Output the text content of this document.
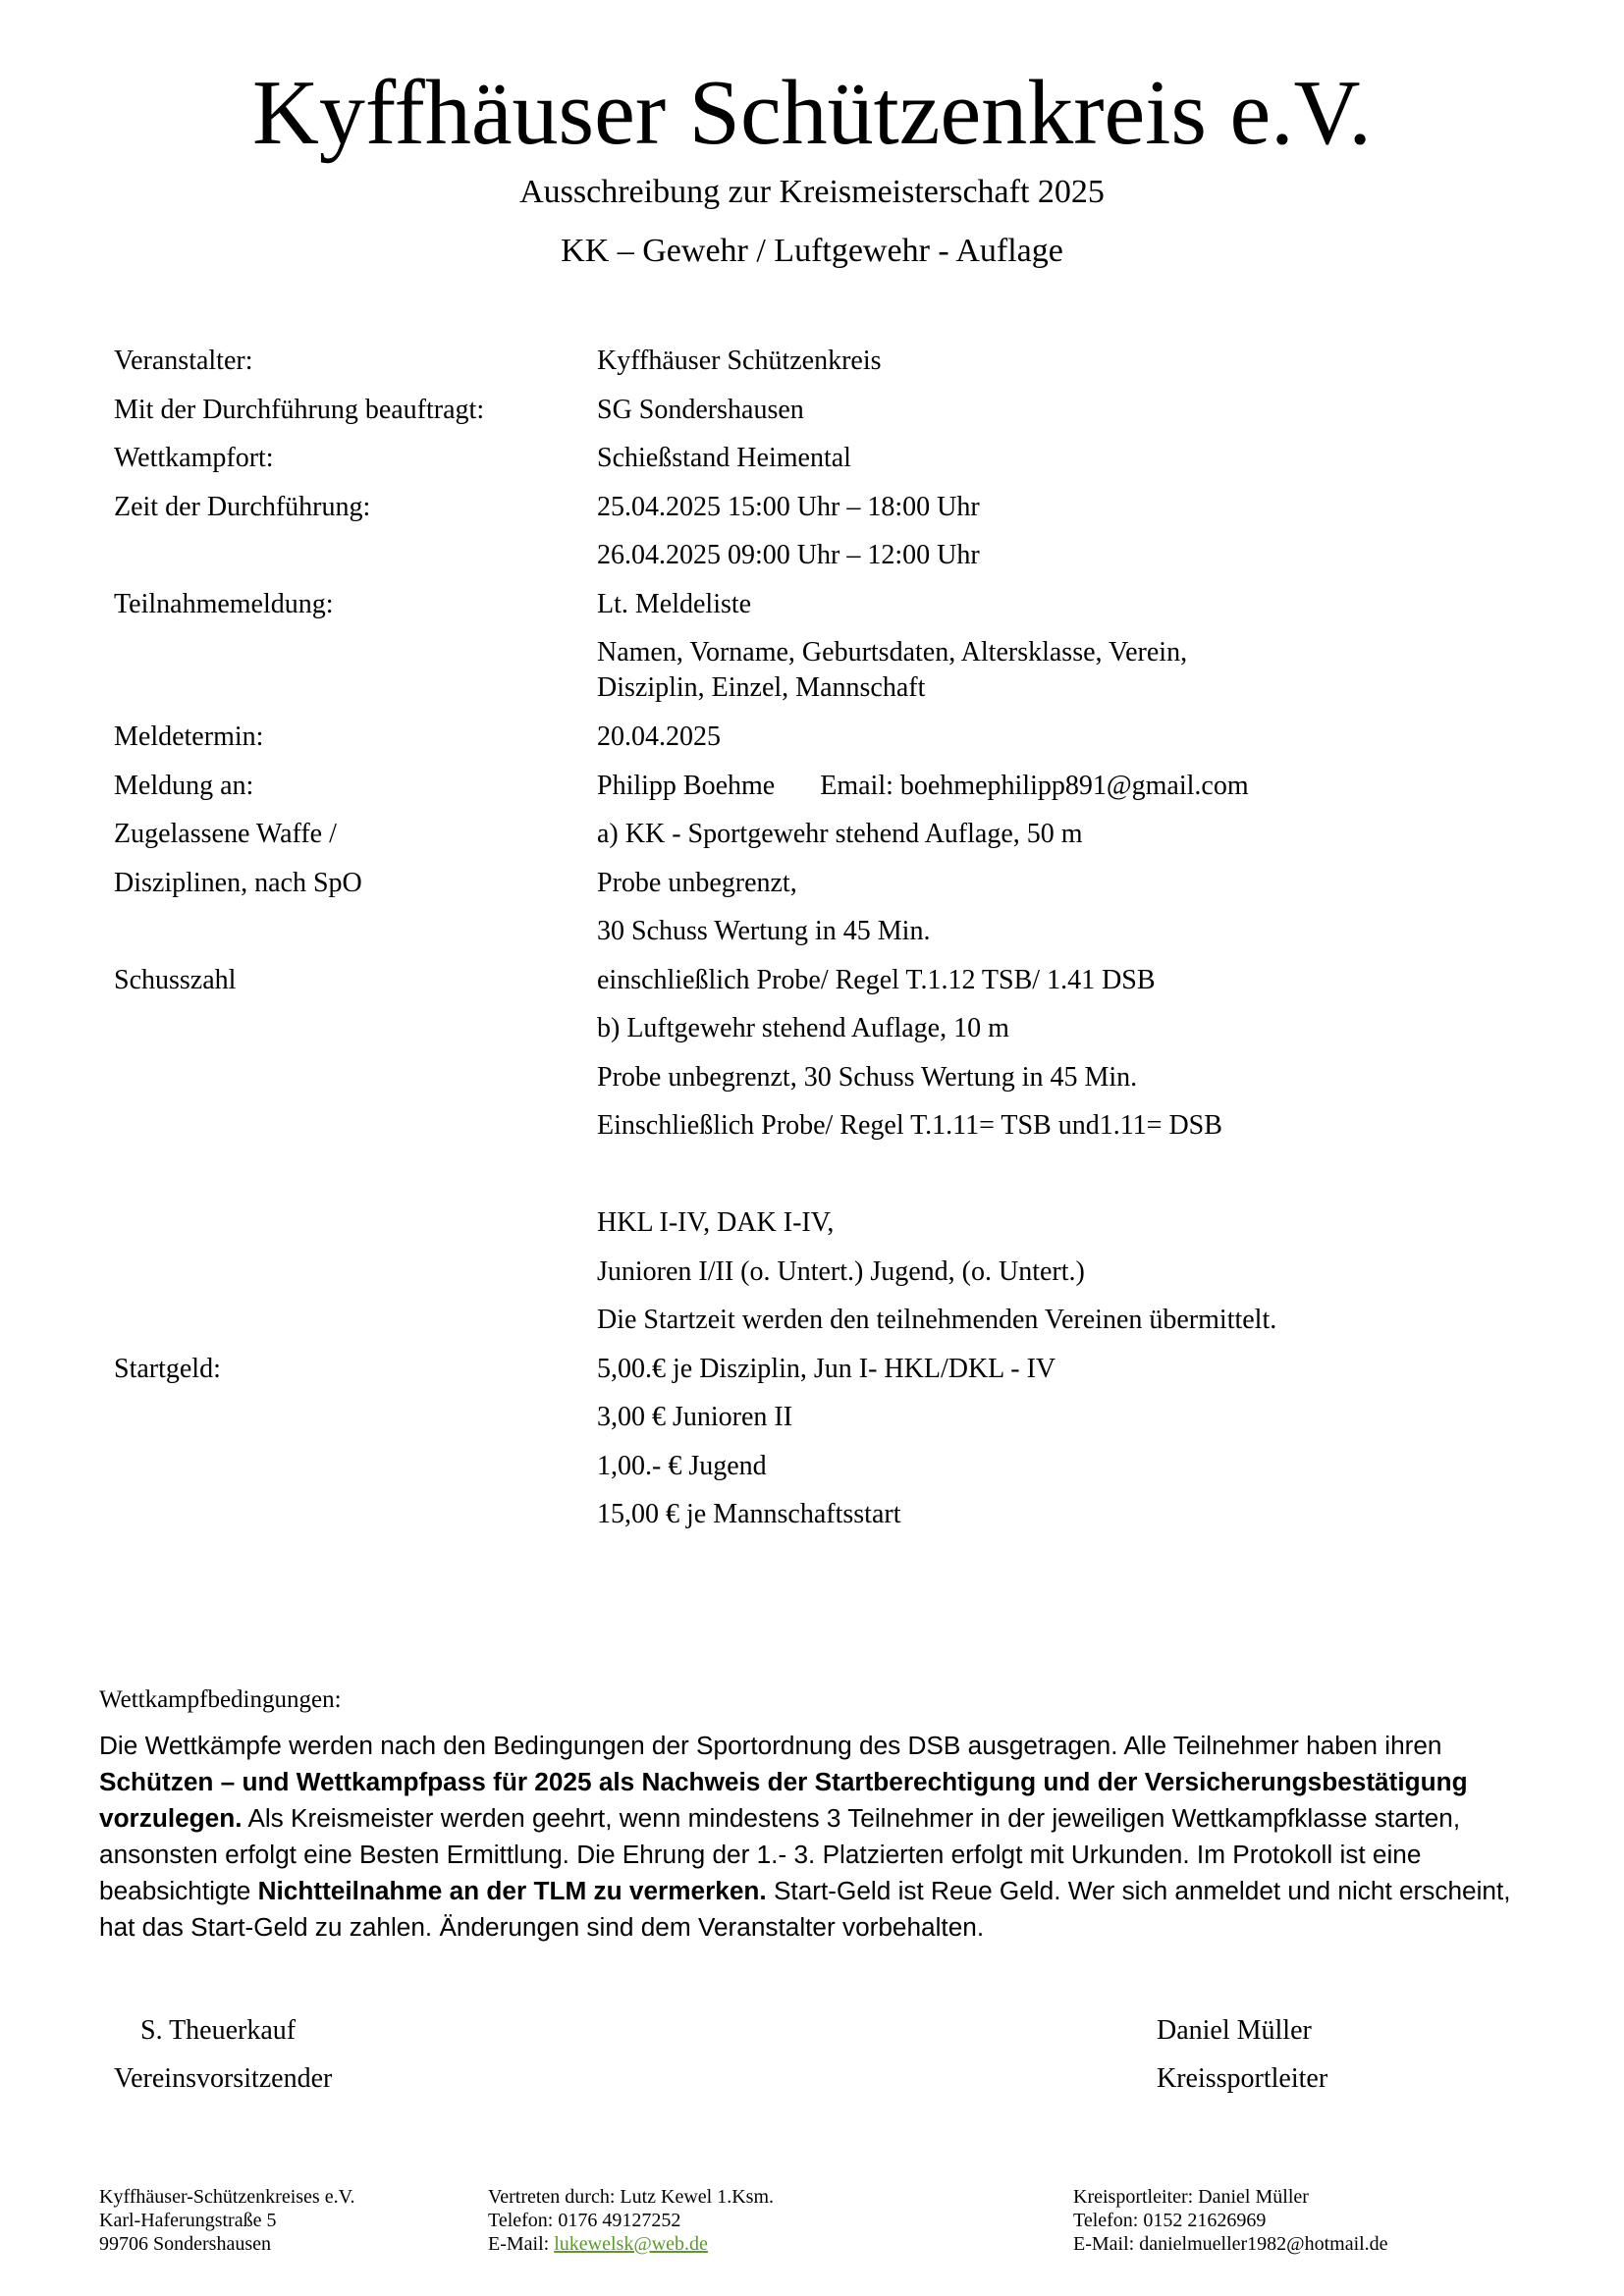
Kyffhäuser Schützenkreis e.V.
Ausschreibung zur Kreismeisterschaft 2025
KK – Gewehr / Luftgewehr - Auflage
Veranstalter:	Kyffhäuser Schützenkreis
Mit der Durchführung beauftragt:	SG Sondershausen
Wettkampfort:	Schießstand Heimental
Zeit der Durchführung:	25.04.2025 15:00 Uhr – 18:00 Uhr
26.04.2025 09:00 Uhr – 12:00 Uhr
Teilnahmemeldung:	Lt. Meldeliste
Namen, Vorname, Geburtsdaten, Altersklasse, Verein,
Disziplin, Einzel, Mannschaft
Meldetermin:	20.04.2025
Meldung an:	Philipp Boehme Email: boehmephilipp891@gmail.com
Zugelassene Waffe /	a) KK - Sportgewehr stehend Auflage, 50 m
Disziplinen, nach SpO	Probe unbegrenzt,
30 Schuss Wertung in 45 Min.
Schusszahl	einschließlich Probe/ Regel T.1.12 TSB/ 1.41 DSB
b) Luftgewehr stehend Auflage, 10 m
Probe unbegrenzt, 30 Schuss Wertung in 45 Min.
Einschließlich Probe/ Regel T.1.11= TSB und1.11= DSB
HKL I-IV, DAK I-IV,
Junioren I/II (o. Untert.) Jugend, (o. Untert.)
Die Startzeit werden den teilnehmenden Vereinen übermittelt.
Startgeld:	5,00.€ je Disziplin, Jun I- HKL/DKL - IV
3,00 € Junioren II
1,00.- € Jugend
15,00 € je Mannschaftsstart
Wettkampfbedingungen:
Die Wettkämpfe werden nach den Bedingungen der Sportordnung des DSB ausgetragen. Alle Teilnehmer haben ihren Schützen – und Wettkampfpass für 2025 als Nachweis der Startberechtigung und der Versicherungsbestätigung vorzulegen. Als Kreismeister werden geehrt, wenn mindestens 3 Teilnehmer in der jeweiligen Wettkampfklasse starten, ansonsten erfolgt eine Besten Ermittlung. Die Ehrung der 1.- 3. Platzierten erfolgt mit Urkunden. Im Protokoll ist eine beabsichtigte Nichtteilnahme an der TLM zu vermerken. Start-Geld ist Reue Geld. Wer sich anmeldet und nicht erscheint, hat das Start-Geld zu zahlen. Änderungen sind dem Veranstalter vorbehalten.
S. Theuerkauf
Vereinsvorsitzender
Daniel Müller
Kreissportleiter
Kyffhäuser-Schützenkreises e.V.
Karl-Haferungstraße 5
99706 Sondershausen
Vertreten durch: Lutz Kewel 1.Ksm.
Telefon: 0176 49127252
E-Mail: lukewelsk@web.de
Kreisportleiter: Daniel Müller
Telefon: 0152 21626969
E-Mail: danielmueller1982@hotmail.de
